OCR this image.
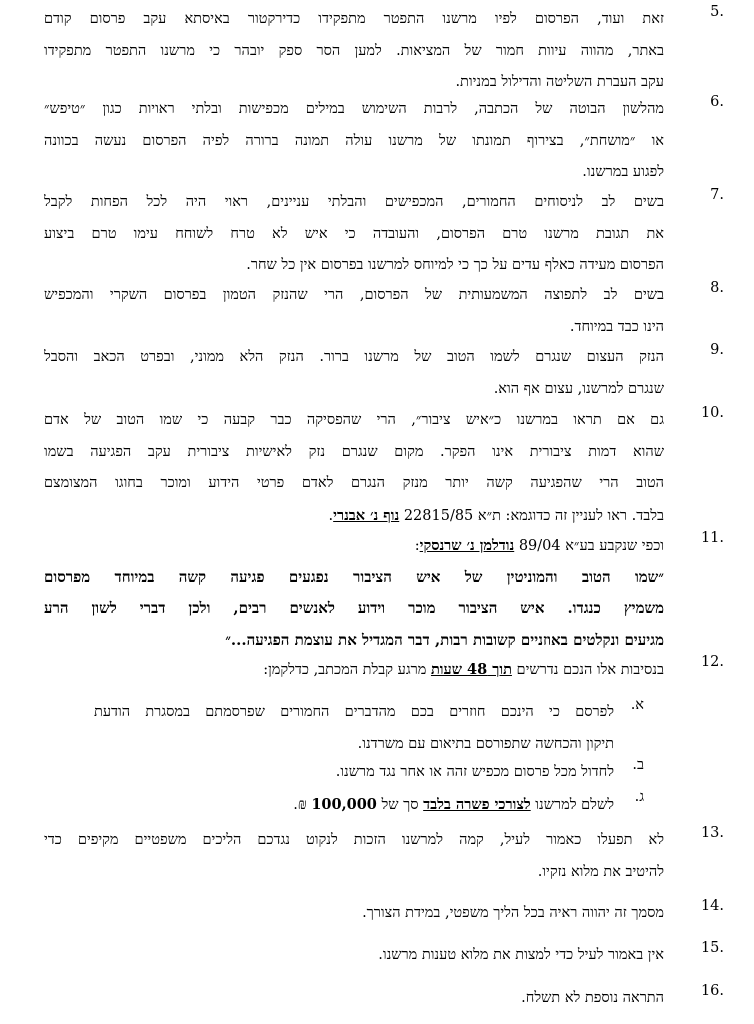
5.
זאת ועוד, הפרסום לפיו מרשנו התפטר מתפקידו כדירקטור באיסתא עקב פרסום קודם
באתר, מהווה עיוות חמור של המציאות. למען הסר ספק יובהר כי מרשנו התפטר מתפקידו
עקב העברת השליטה והדילול במניות.
6.
מהלשון הבוטה של הכתבה, לרבות השימוש במילים מכפישות ובלתי ראויות כגון ״טיפש״
או ״מושחת״, בצירוף תמונתו של מרשנו עולה תמונה ברורה לפיה הפרסום נעשה בכוונה
לפגוע במרשנו.
7.
בשים לב לניסוחים החמורים, המכפישים והבלתי עניינים, ראוי היה לכל הפחות לקבל
את תגובת מרשנו טרם הפרסום, והעובדה כי איש לא טרח לשוחח עימו טרם ביצוע
הפרסום מעידה כאלף עדים על כך כי למיוחס למרשנו בפרסום אין כל שחר.
8.
בשים לב לתפוצה המשמעותית של הפרסום, הרי שהנזק הטמון בפרסום השקרי והמכפיש
הינו כבד במיוחד.
9.
הנזק העצום שנגרם לשמו הטוב של מרשנו ברור. הנזק הלא ממוני, ובפרט הכאב והסבל
שנגרם למרשנו, עצום אף הוא.
10.
גם אם תראו במרשנו כ״איש ציבור״, הרי שהפסיקה כבר קבעה כי שמו הטוב של אדם
שהוא דמות ציבורית אינו הפקר. מקום שנגרם נזק לאישיות ציבורית עקב הפגיעה בשמו
הטוב הרי שהפגיעה קשה יותר מנזק הנגרם לאדם פרטי הידוע ומוכר בחוגו המצומצם
בלבד. ראו לעניין זה כדוגמא: ת״א 22815/85 נוף נ׳ אבנרי.
11.
וכפי שנקבע בע״א 89/04 נודלמן נ׳ שרנסקי:
״שמו הטוב והמוניטין של איש הציבור נפגעים פגיעה קשה במיוחד מפרסום
משמיץ כנגדו. איש הציבור מוכר וידוע לאנשים רבים, ולכן דברי לשון הרע
מגיעים ונקלטים באוזניים קשובות רבות, דבר המגדיל את עוצמת הפגיעה...״
12.
בנסיבות אלו הנכם נדרשים תוך 48 שעות מרגע קבלת המכתב, כדלקמן:
א.
לפרסם כי הינכם חוזרים בכם מהדברים החמורים שפרסמתם במסגרת הודעת
תיקון והכחשה שתפורסם בתיאום עם משרדנו.
ב.
לחדול מכל פרסום מכפיש זהה או אחר נגד מרשנו.
ג.
לשלם למרשנו לצורכי פשרה בלבד סך של 100,000 ₪.
13.
לא תפעלו כאמור לעיל, קמה למרשנו הזכות לנקוט נגדכם הליכים משפטיים מקיפים כדי
להיטיב את מלוא נזקיו.
14.
מסמך זה יהווה ראיה בכל הליך משפטי, במידת הצורך.
15.
אין באמור לעיל כדי למצות את מלוא טענות מרשנו.
16.
התראה נוספת לא תשלח.
